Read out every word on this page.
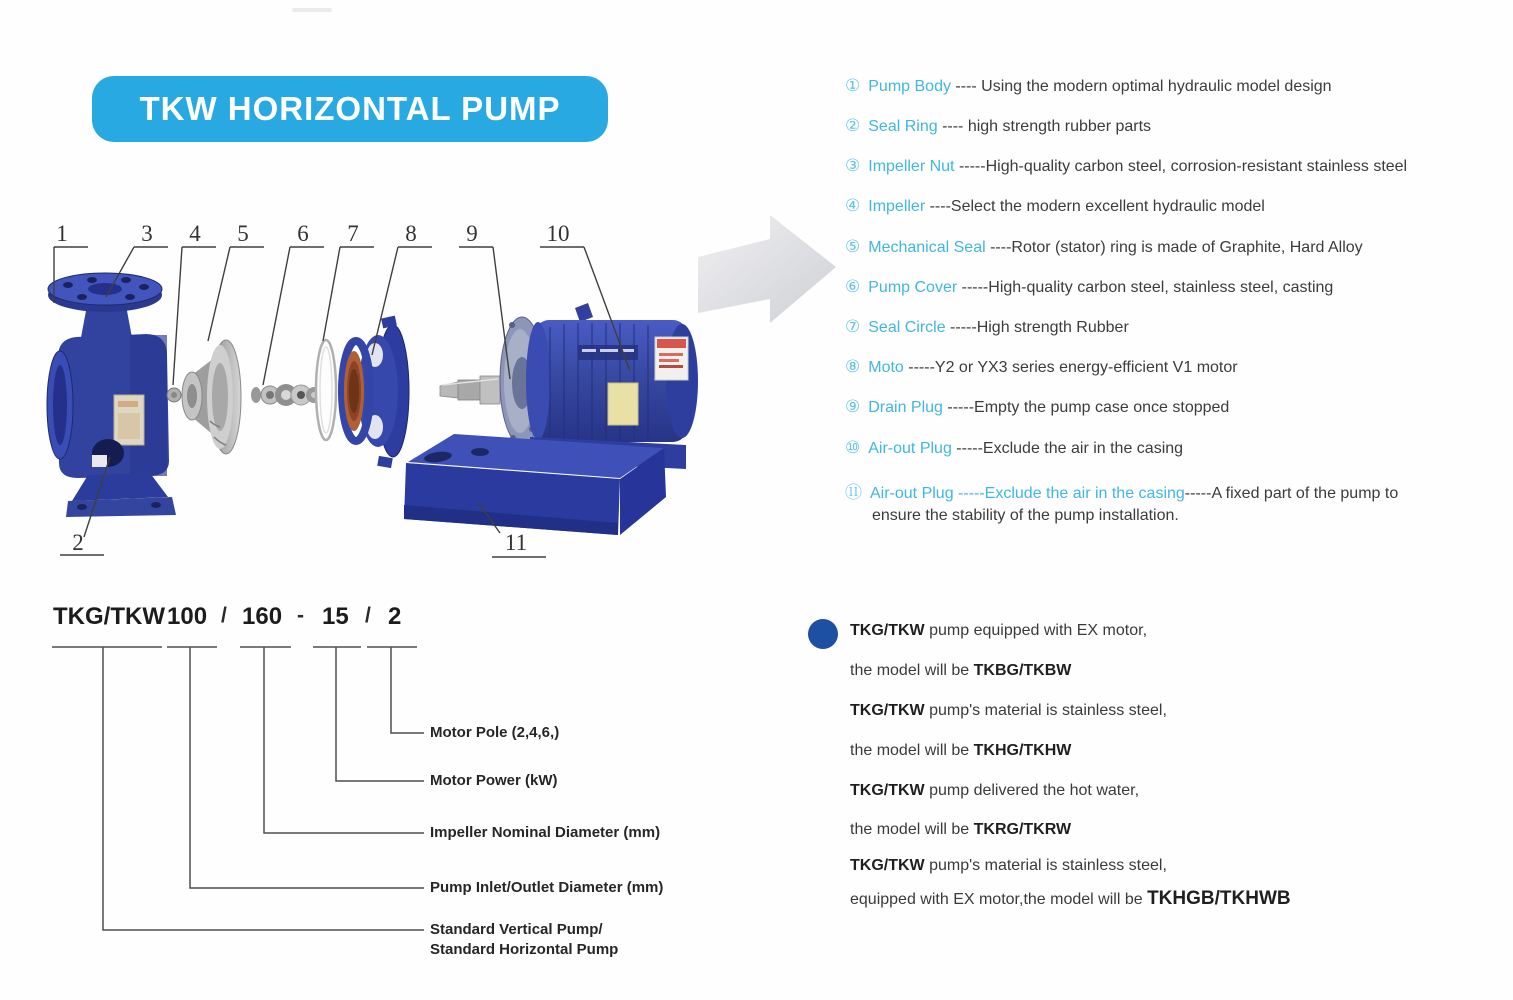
TKW HORIZONTAL PUMP
1
2
3 4 5 6 7 8 9	10
11
① Pump Body ---- Using the modern optimal hydraulic model design
② Seal Ring ---- high strength rubber parts
③ Impeller Nut -----High-quality carbon steel, corrosion-resistant stainless steel
④ Impeller ----Select the modern excellent hydraulic model
⑤ Mechanical Seal ----Rotor (stator) ring is made of Graphite, Hard Alloy
⑥ Pump Cover -----High-quality carbon steel, stainless steel, casting
⑦ Seal Circle -----High strength Rubber
⑧ Moto -----Y2 or YX3 series energy-efficient V1 motor
⑨ Drain Plug -----Empty the pump case once stopped
⑩ Air-out Plug -----Exclude the air in the casing
⑪ Air-out Plug -----Exclude the air in the casing-----A fixed part of the pump to
ensure the stability of the pump installation.
TKG/TKW 100 / 160 - 15 / 2
Motor Pole (2,4,6,)
Motor Power (kW)
Impeller Nominal Diameter (mm)
Pump Inlet/Outlet Diameter (mm)
Standard Vertical Pump/
Standard Horizontal Pump
TKG/TKW pump equipped with EX motor,
the model will be TKBG/TKBW
TKG/TKW pump's material is stainless steel,
the model will be TKHG/TKHW
TKG/TKW pump delivered the hot water,
the model will be TKRG/TKRW
TKG/TKW pump's material is stainless steel,
equipped with EX motor,the model will be TKHGB/TKHWB
